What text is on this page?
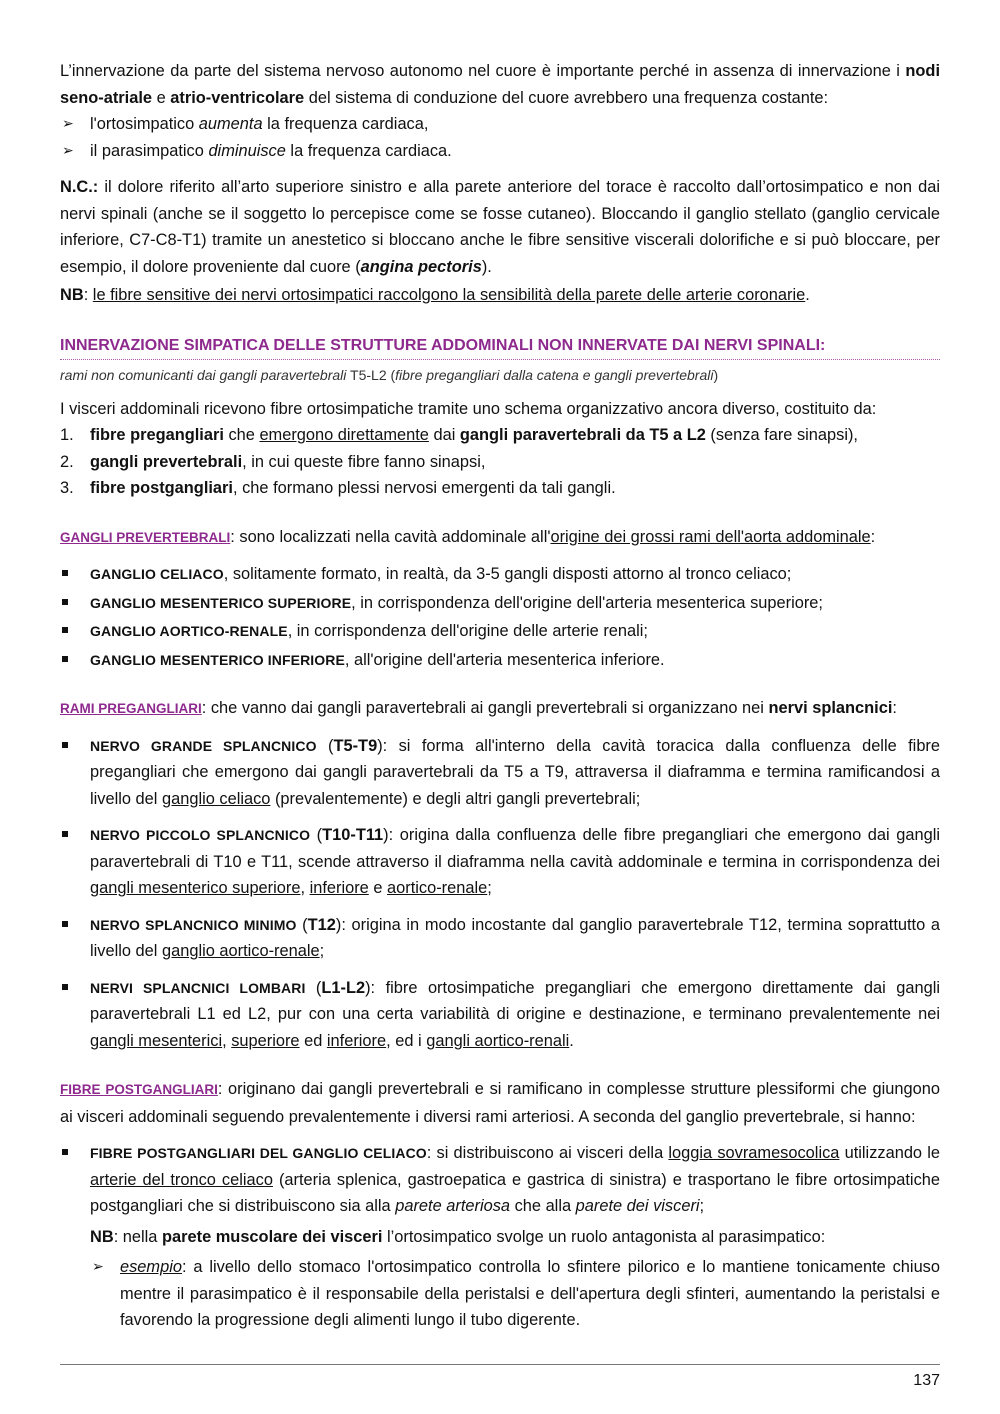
L’innervazione da parte del sistema nervoso autonomo nel cuore è importante perché in assenza di innervazione i nodi seno-atriale e atrio-ventricolare del sistema di conduzione del cuore avrebbero una frequenza costante:

➢ l'ortosimpatico aumenta la frequenza cardiaca,
➢ il parasimpatico diminuisce la frequenza cardiaca.

N.C.: il dolore riferito all’arto superiore sinistro e alla parete anteriore del torace è raccolto dall’ortosimpatico e non dai nervi spinali (anche se il soggetto lo percepisce come se fosse cutaneo). Bloccando il ganglio stellato (ganglio cervicale inferiore, C7-C8-T1) tramite un anestetico si bloccano anche le fibre sensitive viscerali dolorifiche e si può bloccare, per esempio, il dolore proveniente dal cuore (angina pectoris).

NB: le fibre sensitive dei nervi ortosimpatici raccolgono la sensibilità della parete delle arterie coronarie.

INNERVAZIONE SIMPATICA DELLE STRUTTURE ADDOMINALI NON INNERVATE DAI NERVI SPINALI:
rami non comunicanti dai gangli paravertebrali T5-L2 (fibre pregangliari dalla catena e gangli prevertebrali)

I visceri addominali ricevono fibre ortosimpatiche tramite uno schema organizzativo ancora diverso, costituito da:

1. fibre pregangliari che emergono direttamente dai gangli paravertebrali da T5 a L2 (senza fare sinapsi),
2. gangli prevertebrali, in cui queste fibre fanno sinapsi,
3. fibre postgangliari, che formano plessi nervosi emergenti da tali gangli.

GANGLI PREVERTEBRALI: sono localizzati nella cavità addominale all'origine dei grossi rami dell'aorta addominale:

GANGLIO CELIACO, solitamente formato, in realtà, da 3-5 gangli disposti attorno al tronco celiaco;
GANGLIO MESENTERICO SUPERIORE, in corrispondenza dell'origine dell'arteria mesenterica superiore;
GANGLIO AORTICO-RENALE, in corrispondenza dell'origine delle arterie renali;
GANGLIO MESENTERICO INFERIORE, all'origine dell'arteria mesenterica inferiore.

RAMI PREGANGLIARI: che vanno dai gangli paravertebrali ai gangli prevertebrali si organizzano nei nervi splancnici:

NERVO GRANDE SPLANCNICO (T5-T9): si forma all'interno della cavità toracica dalla confluenza delle fibre pregangliari che emergono dai gangli paravertebrali da T5 a T9, attraversa il diaframma e termina ramificandosi a livello del ganglio celiaco (prevalentemente) e degli altri gangli prevertebrali;
NERVO PICCOLO SPLANCNICO (T10-T11): origina dalla confluenza delle fibre pregangliari che emergono dai gangli paravertebrali di T10 e T11, scende attraverso il diaframma nella cavità addominale e termina in corrispondenza dei gangli mesenterico superiore, inferiore e aortico-renale;
NERVO SPLANCNICO MINIMO (T12): origina in modo incostante dal ganglio paravertebrale T12, termina soprattutto a livello del ganglio aortico-renale;
NERVI SPLANCNICI LOMBARI (L1-L2): fibre ortosimpatiche pregangliari che emergono direttamente dai gangli paravertebrali L1 ed L2, pur con una certa variabilità di origine e destinazione, e terminano prevalentemente nei gangli mesenterici, superiore ed inferiore, ed i gangli aortico-renali.

FIBRE POSTGANGLIARI: originano dai gangli prevertebrali e si ramificano in complesse strutture plessiformi che giungono ai visceri addominali seguendo prevalentemente i diversi rami arteriosi. A seconda del ganglio prevertebrale, si hanno:

FIBRE POSTGANGLIARI DEL GANGLIO CELIACO: si distribuiscono ai visceri della loggia sovramesocolica utilizzando le arterie del tronco celiaco (arteria splenica, gastroepatica e gastrica di sinistra) e trasportano le fibre ortosimpatiche postgangliari che si distribuiscono sia alla parete arteriosa che alla parete dei visceri;

NB: nella parete muscolare dei visceri l’ortosimpatico svolge un ruolo antagonista al parasimpatico:

➢ esempio: a livello dello stomaco l'ortosimpatico controlla lo sfintere pilorico e lo mantiene tonicamente chiuso mentre il parasimpatico è il responsabile della peristalsi e dell'apertura degli sfinteri, aumentando la peristalsi e favorendo la progressione degli alimenti lungo il tubo digerente.
137
